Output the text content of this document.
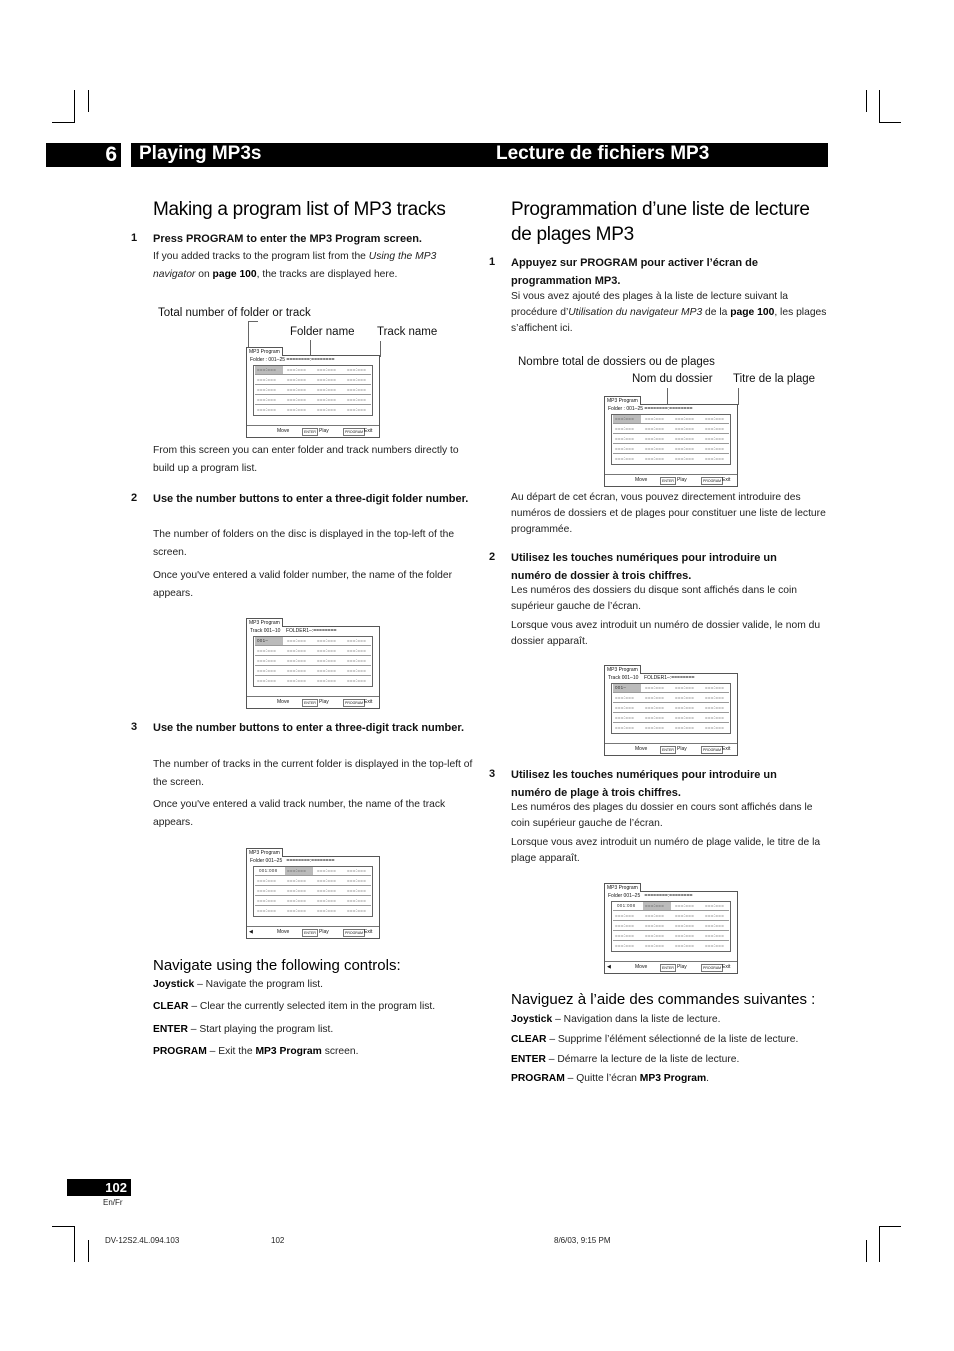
6 Playing MP3s	Lecture de fichiers MP3
Making a program list of MP3 tracks
1 Press PROGRAM to enter the MP3 Program screen.
If you added tracks to the program list from the Using the MP3 navigator on page 100, the tracks are displayed here.
Total number of folder or track
Folder name Track name
MP3 Program
Folder : 001–25 ========:========
===:===	===:===	===:===	===:===
===:===	===:===	===:===	===:===
===:===	===:===	===:===	===:===
===:===	===:===	===:===	===:===
===:===	===:===	===:===	===:===
Move	ENTER Play	PROGRAM Exit
From this screen you can enter folder and track numbers directly to build up a program list.
2 Use the number buttons to enter a three-digit folder number.
The number of folders on the disc is displayed in the top-left of the screen.
Once you've entered a valid folder number, the name of the folder appears.
MP3 Program
Track 001–10 FOLDER1–:========
001–	===:===	===:===	===:===
===:===	===:===	===:===	===:===
===:===	===:===	===:===	===:===
===:===	===:===	===:===	===:===
===:===	===:===	===:===	===:===
Move	ENTER Play	PROGRAM Exit
3 Use the number buttons to enter a three-digit track number.
The number of tracks in the current folder is displayed in the top-left of the screen.
Once you've entered a valid track number, the name of the track appears.
MP3 Program
Folder 001–25 ========:========
001:008	===:===	===:===	===:===
===:===	===:===	===:===	===:===
===:===	===:===	===:===	===:===
===:===	===:===	===:===	===:===
===:===	===:===	===:===	===:===
◀	Move	ENTER Play	PROGRAM Exit
Navigate using the following controls:
Joystick – Navigate the program list.
CLEAR – Clear the currently selected item in the program list.
ENTER – Start playing the program list.
PROGRAM – Exit the MP3 Program screen.
Programmation d’une liste de lecture de plages MP3
1 Appuyez sur PROGRAM pour activer l’écran de programmation MP3.
Si vous avez ajouté des plages à la liste de lecture suivant la procédure d’Utilisation du navigateur MP3 de la page 100, les plages s’affichent ici.
Nombre total de dossiers ou de plages
Nom du dossier Titre de la plage
MP3 Program
Folder : 001–25 ========:========
===:===	===:===	===:===	===:===
===:===	===:===	===:===	===:===
===:===	===:===	===:===	===:===
===:===	===:===	===:===	===:===
===:===	===:===	===:===	===:===
Move	ENTER Play	PROGRAM Exit
Au départ de cet écran, vous pouvez directement introduire des numéros de dossiers et de plages pour constituer une liste de lecture programmée.
2 Utilisez les touches numériques pour introduire un numéro de dossier à trois chiffres.
Les numéros des dossiers du disque sont affichés dans le coin supérieur gauche de l’écran.
Lorsque vous avez introduit un numéro de dossier valide, le nom du dossier apparaît.
MP3 Program
Track 001–10 FOLDER1–:========
001–	===:===	===:===	===:===
===:===	===:===	===:===	===:===
===:===	===:===	===:===	===:===
===:===	===:===	===:===	===:===
===:===	===:===	===:===	===:===
Move	ENTER Play	PROGRAM Exit
3 Utilisez les touches numériques pour introduire un numéro de plage à trois chiffres.
Les numéros des plages du dossier en cours sont affichés dans le coin supérieur gauche de l’écran.
Lorsque vous avez introduit un numéro de plage valide, le titre de la plage apparaît.
MP3 Program
Folder 001–25 ========:========
001:008	===:===	===:===	===:===
===:===	===:===	===:===	===:===
===:===	===:===	===:===	===:===
===:===	===:===	===:===	===:===
===:===	===:===	===:===	===:===
◀	Move	ENTER Play	PROGRAM Exit
Naviguez à l’aide des commandes suivantes :
Joystick – Navigation dans la liste de lecture.
CLEAR – Supprime l’élément sélectionné de la liste de lecture.
ENTER – Démarre la lecture de la liste de lecture.
PROGRAM – Quitte l’écran MP3 Program.
102
En/Fr
DV-12S2.4L.094.103	102	8/6/03, 9:15 PM
